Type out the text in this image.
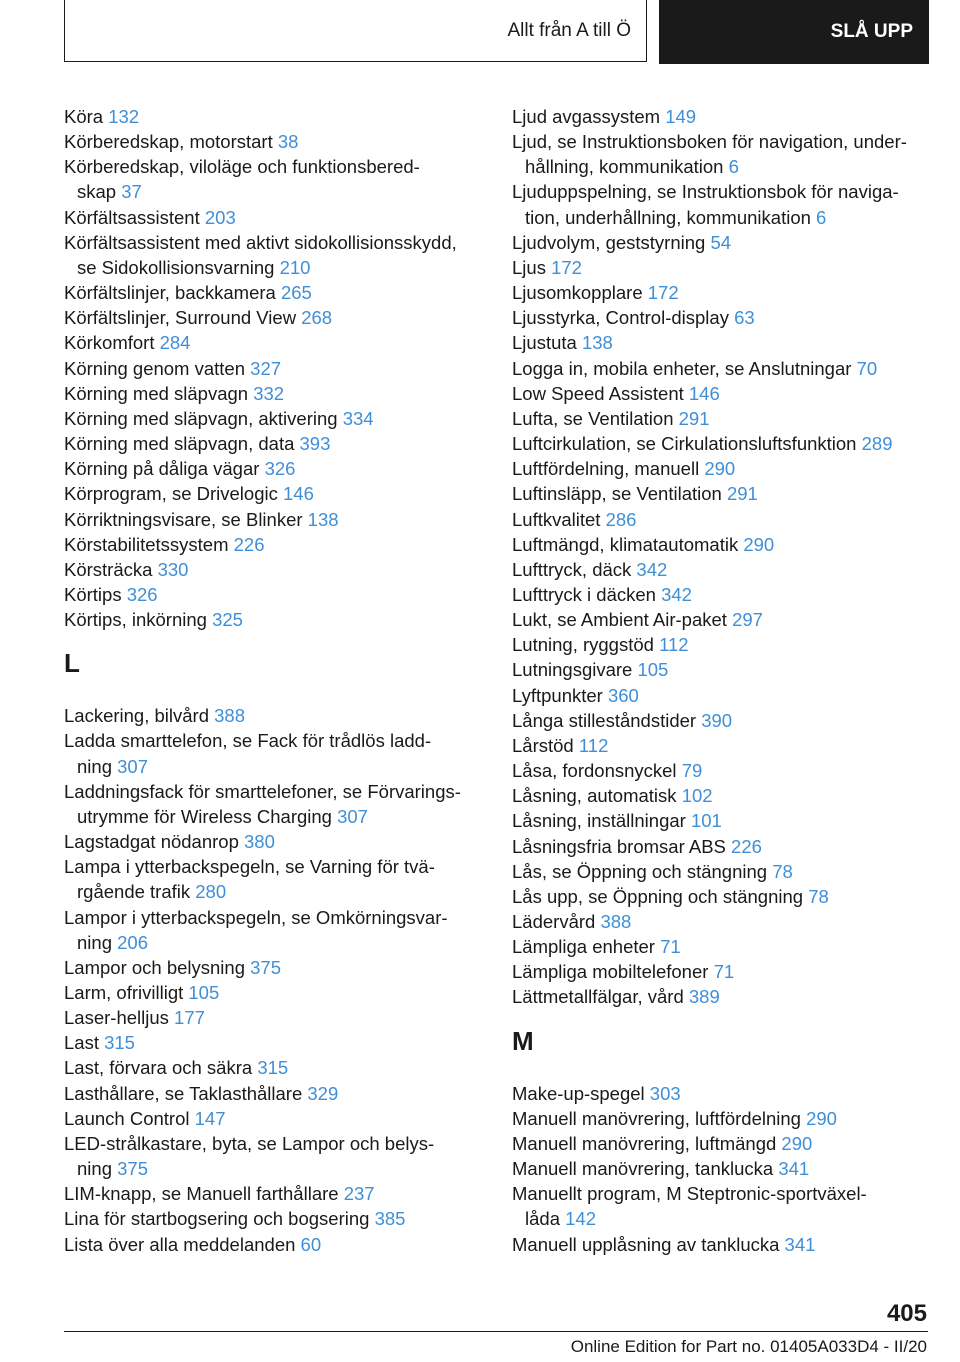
Allt från A till Ö	SLÅ UPP
Köra 132
Körberedskap, motorstart 38
Körberedskap, viloläge och funktionsbered-
skap 37
Körfältsassistent 203
Körfältsassistent med aktivt sidokollisionsskydd,
se Sidokollisionsvarning 210
Körfältslinjer, backkamera 265
Körfältslinjer, Surround View 268
Körkomfort 284
Körning genom vatten 327
Körning med släpvagn 332
Körning med släpvagn, aktivering 334
Körning med släpvagn, data 393
Körning på dåliga vägar 326
Körprogram, se Drivelogic 146
Körriktningsvisare, se Blinker 138
Körstabilitetssystem 226
Körsträcka 330
Körtips 326
Körtips, inkörning 325
L
Lackering, bilvård 388
Ladda smarttelefon, se Fack för trådlös ladd-
ning 307
Laddningsfack för smarttelefoner, se Förvarings-
utrymme för Wireless Charging 307
Lagstadgat nödanrop 380
Lampa i ytterbackspegeln, se Varning för tvä-
rgående trafik 280
Lampor i ytterbackspegeln, se Omkörningsvar-
ning 206
Lampor och belysning 375
Larm, ofrivilligt 105
Laser-helljus 177
Last 315
Last, förvara och säkra 315
Lasthållare, se Taklasthållare 329
Launch Control 147
LED-strålkastare, byta, se Lampor och belys-
ning 375
LIM-knapp, se Manuell farthållare 237
Lina för startbogsering och bogsering 385
Lista över alla meddelanden 60
Ljud avgassystem 149
Ljud, se Instruktionsboken för navigation, under-
hållning, kommunikation 6
Ljuduppspelning, se Instruktionsbok för naviga-
tion, underhållning, kommunikation 6
Ljudvolym, geststyrning 54
Ljus 172
Ljusomkopplare 172
Ljusstyrka, Control-display 63
Ljustuta 138
Logga in, mobila enheter, se Anslutningar 70
Low Speed Assistent 146
Lufta, se Ventilation 291
Luftcirkulation, se Cirkulationsluftsfunktion 289
Luftfördelning, manuell 290
Luftinsläpp, se Ventilation 291
Luftkvalitet 286
Luftmängd, klimatautomatik 290
Lufttryck, däck 342
Lufttryck i däcken 342
Lukt, se Ambient Air-paket 297
Lutning, ryggstöd 112
Lutningsgivare 105
Lyftpunkter 360
Långa stilleståndstider 390
Lårstöd 112
Låsa, fordonsnyckel 79
Låsning, automatisk 102
Låsning, inställningar 101
Låsningsfria bromsar ABS 226
Lås, se Öppning och stängning 78
Lås upp, se Öppning och stängning 78
Lädervård 388
Lämpliga enheter 71
Lämpliga mobiltelefoner 71
Lättmetallfälgar, vård 389
M
Make-up-spegel 303
Manuell manövrering, luftfördelning 290
Manuell manövrering, luftmängd 290
Manuell manövrering, tanklucka 341
Manuellt program, M Steptronic-sportväxel-
låda 142
Manuell upplåsning av tanklucka 341
405
Online Edition for Part no. 01405A033D4 - II/20
